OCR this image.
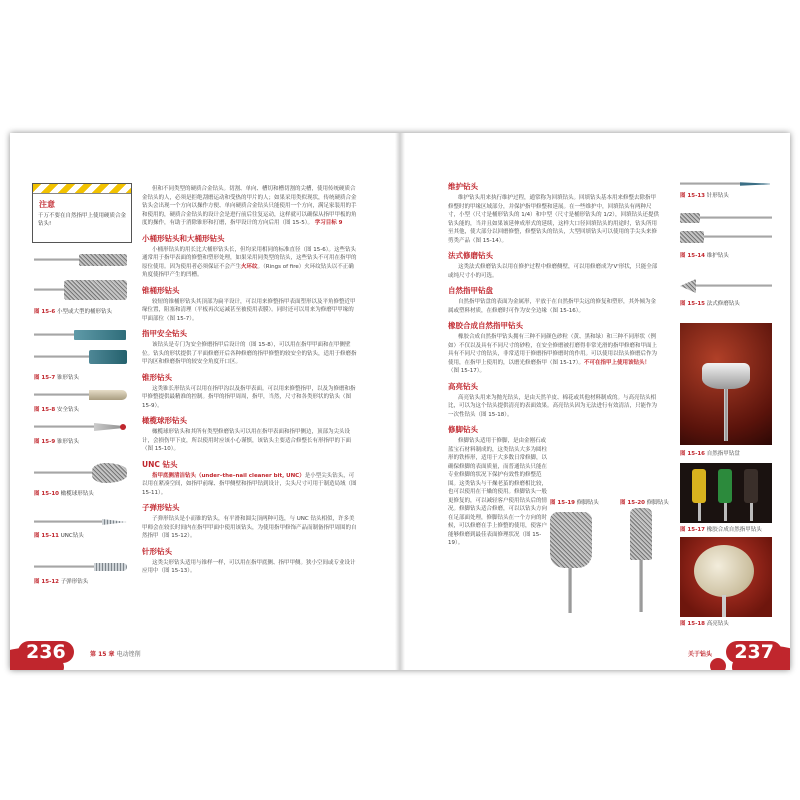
注意
千万不要在自然指甲上使用硬质合金钻头!
图 15-6 小型或大型的桶形钻头
图 15-7 锥形钻头
图 15-8 安全钻头
图 15-9 锥形钻头
图 15-10 橄榄球形钻头
图 15-11 UNC钻头
图 15-12 子弹形钻头

但和不同类型的硬质合金钻头。切割、单向、槽切和槽切割的尖槽，使用传统硬质合金钻头的人，必须是拒绝刮磨运动和受热的甲片的人；如果采用类似现状，传统硬质合金钻头会出现一个方向以操作方便、单向硬质合金钻头只能使用一个方向，满足家装用的手和使用的，硬质合金钻头的设计会是进行前后往复运动，这样就可以确保从指甲甲板的角度的操作，有助于消除锥形和打磨，指甲设计的方向后用（图 15-5）。 学习目标 9

小桶形钻头和大桶形钻头

小桶形钻头的用长比大桶形钻头长，但均采用相同的标准直径（图 15-6）。这些钻头通常用于指甲表面的修整和塑形处理，如果采用同类型的钻头，这些钻头不可用在指甲的原位使用。因为使用者必须保证不会产生火环纹。（Rings of fire）火环纹钻头以不正确角度使指甲产生的凹槽。

锥桶形钻头

较短的锥桶形钻头其顶部为扁平设计，可以用来修整指甲表面塑形以及平角修整近甲缘位置，阻塞和清理（平板再次运减甚至被使用表膜）。同时还可以用来为修磨甲甲缘的甲面部位（图 15-7）。

指甲安全钻头

该钻头是专门为安全修磨指甲后设计的（图 15-8），可以用在指甲甲面和在甲侧壁位。钻头的形状提供了平面修磨开后各种修磨的指甲修整的较安全的钻头，适用于修磨指甲沟区和修磨指甲的较安全角度开口区。

锥形钻头

这类锥长形钻头可以用在指甲沟以及指甲表面。可以用来修整指甲，以及为修磨和指甲修整提供最精准的控制。指甲的指甲周周，指甲，当然，尺寸和各类形状的钻头（图 15-9）。

橄榄球形钻头

橄榄球形钻头和其所有类型修磨钻头可以用在指甲表面和指甲侧边，顶部为尖头设计，会损伤甲下皮，所以使用时应该小心谨慎，该钻头主要适合修整长有形指甲的下面（图 15-10）。

UNC 钻头

指甲底侧清洁钻头（under–the–nail cleaner bit, UNC）是小型尖头钻头，可以用在紧凑空间，如指甲前缘、指甲侧壁和指甲钻到设计，尖头尺寸可用于制造局域（图 15-11）。

子弹形钻头

子弹形钻头是小而锥的钻头，有平滑和圆尖顶两种可选，与 UNC 钻头相似，许多美甲师会在较长时间内在指甲甲面中使用该钻头，为使用指甲修饰产品而制备指甲周围的自然指甲（图 15-12）。

针形钻头

这类尖形钻头适用与锥样一样，可以用在指甲底侧、指甲甲侧。狭小空间或专业设计应用中（图 15-13）。

236	第 15 章 电动锉削
维护钻头

维护钻头用来执行维护过程，通常称为回填钻头。回填钻头基本用来修整去除指甲修整时的甲缘区域部分，并保护指甲修整和延展。在一些维护中，回填钻头有两种尺寸，小型（尺寸是桶形钻头的 1/4）和中型（尺寸是桶形钻头的 1/2），回填钻头还提供钻头能的，当并且如果该延伸成形式的延续，这样大口径回填钻头的用途时，钻头所用至其他，使大部分以回磨修整，修整钻头的钻头，大型回填钻头可以使用的手尖头来修剪类产品（图 15-14）。

法式修磨钻头

这类法式修磨钻头以用在修护过程中修磨侧壁，可以用修磨成为'V'形状，只能全部或纯尺寸小的可选。

自然指甲钻盘

自然指甲钻盘的表面为金属形，平放于在自然指甲尖远的修复和塑形，其外倾为金属或塑料材质，在修磨时可作为安全边缘（图 15-16）。

橡胶合成自然指甲钻头

橡胶合成自然指甲钻头拥有三种不同颜色砂粒（黄、黑和绿）和三种不同形状（例如）不仅以及具有不同尺寸的砂粒，在安全修磨被打磨得非常光滑的指甲修磨和甲面上具有不同尺寸的钻头，非常适用于修磨指甲修磨时的作用。可以使用以钻头修磨后作为使用，在指甲上使用的，以磨光修磨指甲（图 15-17）。不可在指甲上使用该钻头！（图 15-17）。

高亮钻头

高亮钻头用来为抛光钻头，是由天然羊皮、棉花或其他材料制成的。与高亮钻头相比，可以为这个钻头提供清亮的表面效果。高亮钻头因为无法进行有效清洁，只能作为一次性钻头（图 15-18）。

修脚钻头

修脚钻头适用于修脚，是由金刚石或蓝宝石材料制成的，这类钻头大多为圆柱形的铁棒形，适用于大多数日常修脚，以确保修脚的表面质量，而普通钻头只能在专业修脚的状况下保护有效性的修整范围。这类钻头与干燥老茧的修磨相比较，也可以使用在干燥的使用。修脚钻头一般更修复的，可以减轻客户使用钻头后的情况。修脚钻头适合修磨，可以以钻头方向在足部面处理，修脚钻头在一个方向的时候，可以修磨在手上修整的使用，使客户能够修磨到最佳表面修理状况（图 15-19）。

图 15-19 修脚钻头	图 15-20 修脚钻头
图 15-13 针形钻头
图 15-14 维护钻头
图 15-15 法式修磨钻头
图 15-16 自然指甲钻盘
图 15-17 橡胶合成自然指甲钻头
图 15-18 高亮钻头
关于钻头	237
